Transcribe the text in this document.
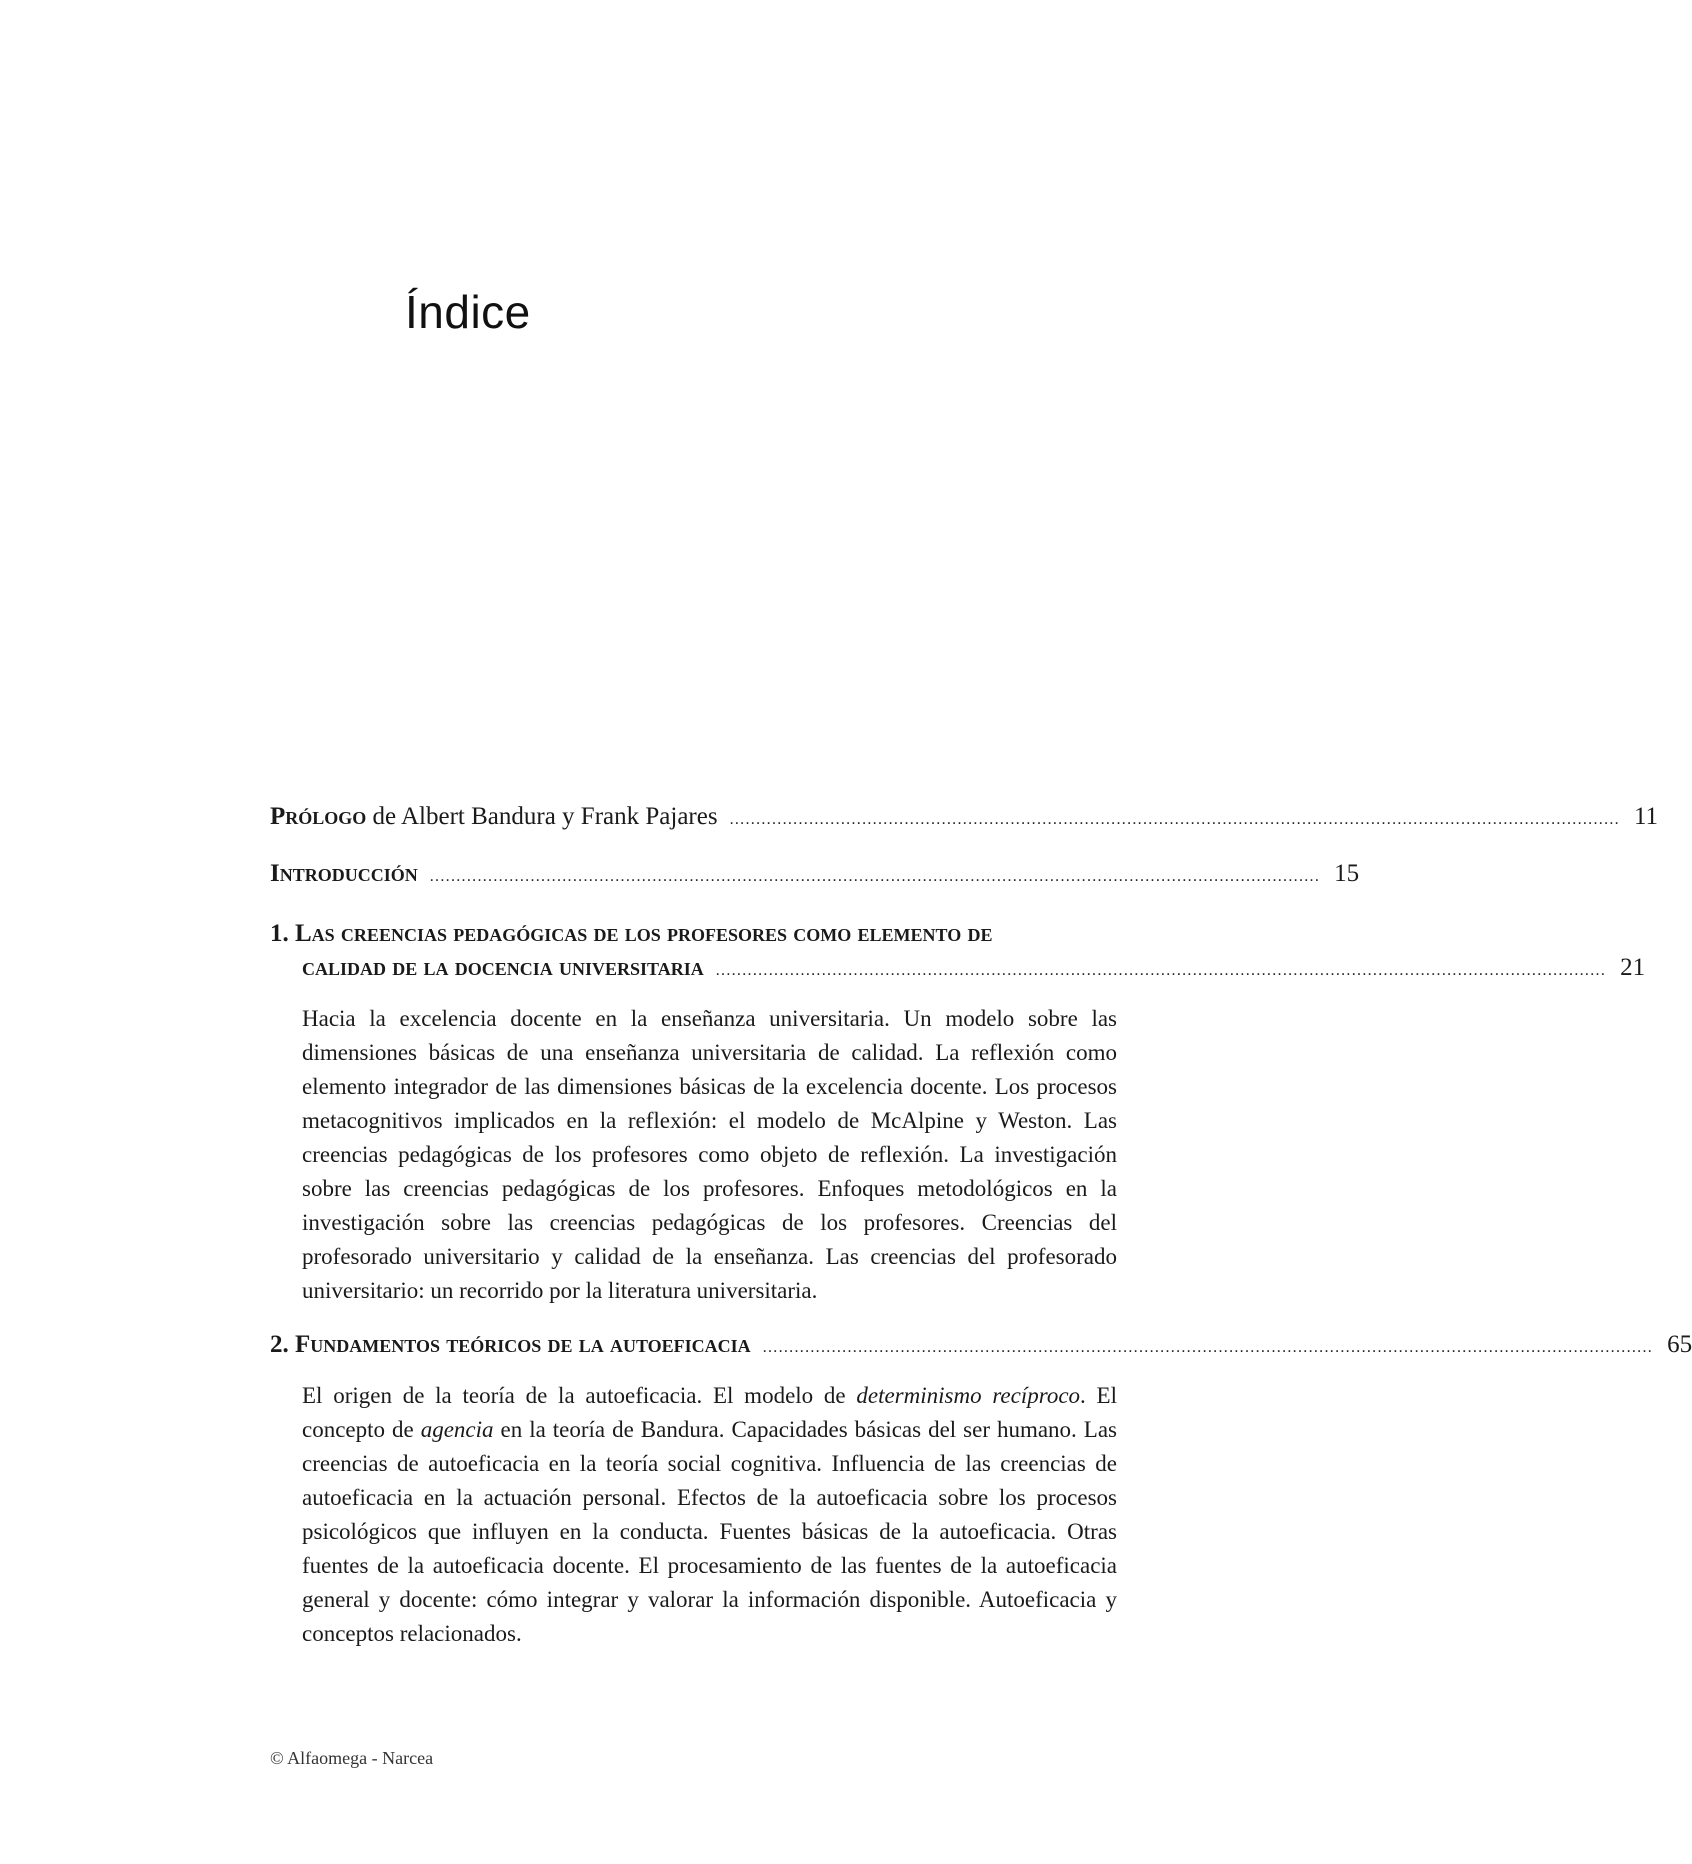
Índice
Prólogo de Albert Bandura y Frank Pajares ........................................................................................................................................................................ 11
Introducción ........................................................................................................................................................................ 15
1. Las creencias pedagógicas de los profesores como elemento de
calidad de la docencia universitaria ........................................................................................................................................................................ 21
Hacia la excelencia docente en la enseñanza universitaria. Un modelo sobre las dimensiones básicas de una enseñanza universitaria de calidad. La reflexión como elemento integrador de las dimensiones básicas de la excelencia docente. Los procesos metacognitivos implicados en la reflexión: el modelo de McAlpine y Weston. Las creencias pedagógicas de los profesores como objeto de reflexión. La investigación sobre las creencias pedagógicas de los profesores. Enfoques metodológicos en la investigación sobre las creencias pedagógicas de los profesores. Creencias del profesorado universitario y calidad de la enseñanza. Las creencias del profesorado universitario: un recorrido por la literatura universitaria.
2. Fundamentos teóricos de la autoeficacia ........................................................................................................................................................................ 65
El origen de la teoría de la autoeficacia. El modelo de determinismo recíproco. El concepto de agencia en la teoría de Bandura. Capacidades básicas del ser humano. Las creencias de autoeficacia en la teoría social cognitiva. Influencia de las creencias de autoeficacia en la actuación personal. Efectos de la autoeficacia sobre los procesos psicológicos que influyen en la conducta. Fuentes básicas de la autoeficacia. Otras fuentes de la autoeficacia docente. El procesamiento de las fuentes de la autoeficacia general y docente: cómo integrar y valorar la información disponible. Autoeficacia y conceptos relacionados.
© Alfaomega - Narcea
